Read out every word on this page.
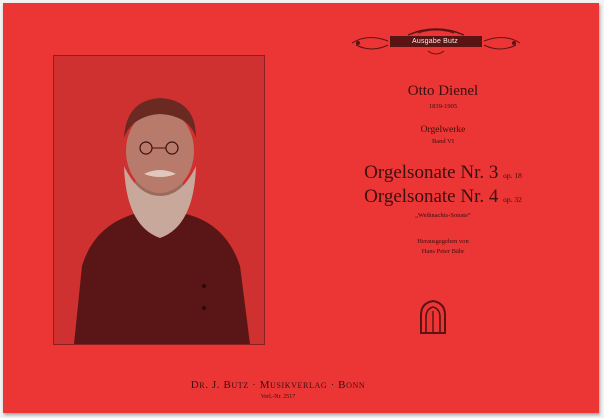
Ausgabe Butz
Otto Dienel
1839-1905
Orgelwerke
Band VI
Orgelsonate Nr. 3 op. 18
Orgelsonate Nr. 4 op. 32
„Weihnachts-Sonate“
Herausgegeben von
Hans Peter Bähr
Dr. J. Butz · Musikverlag · Bonn
Verl.-Nr. 2517
